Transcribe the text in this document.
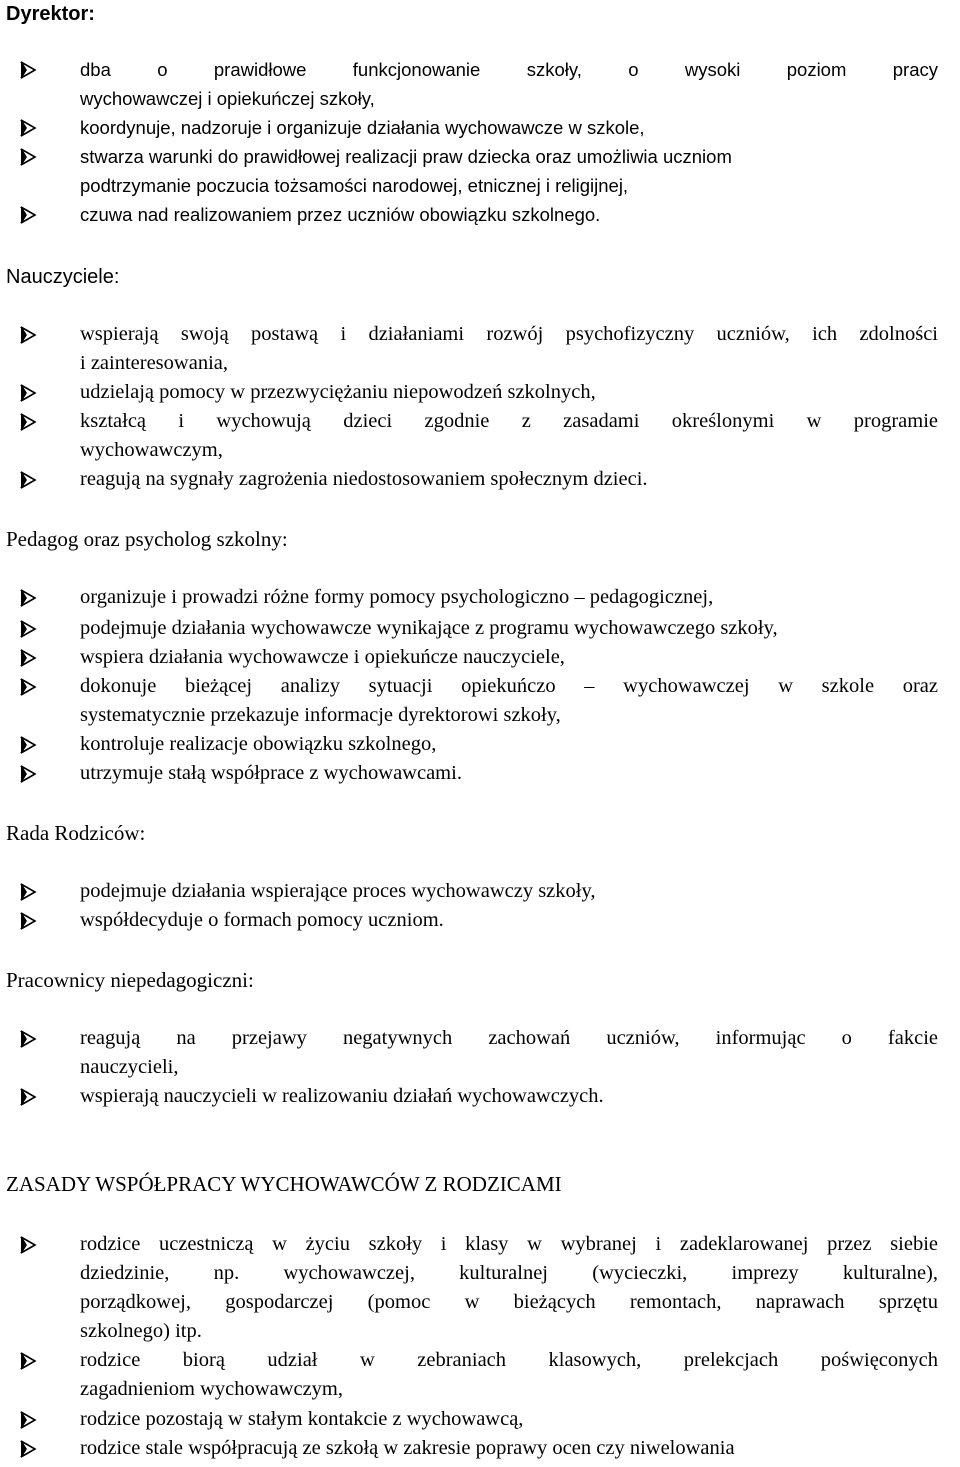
Dyrektor:
dba o prawidłowe funkcjonowanie szkoły, o wysoki poziom pracy
wychowawczej i opiekuńczej szkoły,
koordynuje, nadzoruje i organizuje działania wychowawcze w szkole,
stwarza warunki do prawidłowej realizacji praw dziecka oraz umożliwia uczniom
podtrzymanie poczucia tożsamości narodowej, etnicznej i religijnej,
czuwa nad realizowaniem przez uczniów obowiązku szkolnego.
Nauczyciele:
wspierają swoją postawą i działaniami rozwój psychofizyczny uczniów, ich zdolności
i zainteresowania,
udzielają pomocy w przezwyciężaniu niepowodzeń szkolnych,
kształcą i wychowują dzieci zgodnie z zasadami określonymi w programie
wychowawczym,
reagują na sygnały zagrożenia niedostosowaniem społecznym dzieci.
Pedagog oraz psycholog szkolny:
organizuje i prowadzi różne formy pomocy psychologiczno – pedagogicznej,
podejmuje działania wychowawcze wynikające z programu wychowawczego szkoły,
wspiera działania wychowawcze i opiekuńcze nauczyciele,
dokonuje bieżącej analizy sytuacji opiekuńczo – wychowawczej w szkole oraz
systematycznie przekazuje informacje dyrektorowi szkoły,
kontroluje realizacje obowiązku szkolnego,
utrzymuje stałą współprace z wychowawcami.
Rada Rodziców:
podejmuje działania wspierające proces wychowawczy szkoły,
współdecyduje o formach pomocy uczniom.
Pracownicy niepedagogiczni:
reagują na przejawy negatywnych zachowań uczniów, informując o fakcie
nauczycieli,
wspierają nauczycieli w realizowaniu działań wychowawczych.
ZASADY WSPÓŁPRACY WYCHOWAWCÓW Z RODZICAMI
rodzice uczestniczą w życiu szkoły i klasy w wybranej i zadeklarowanej przez siebie
dziedzinie, np. wychowawczej, kulturalnej (wycieczki, imprezy kulturalne),
porządkowej, gospodarczej (pomoc w bieżących remontach, naprawach sprzętu
szkolnego) itp.
rodzice biorą udział w zebraniach klasowych, prelekcjach poświęconych
zagadnieniom wychowawczym,
rodzice pozostają w stałym kontakcie z wychowawcą,
rodzice stale współpracują ze szkołą w zakresie poprawy ocen czy niwelowania
